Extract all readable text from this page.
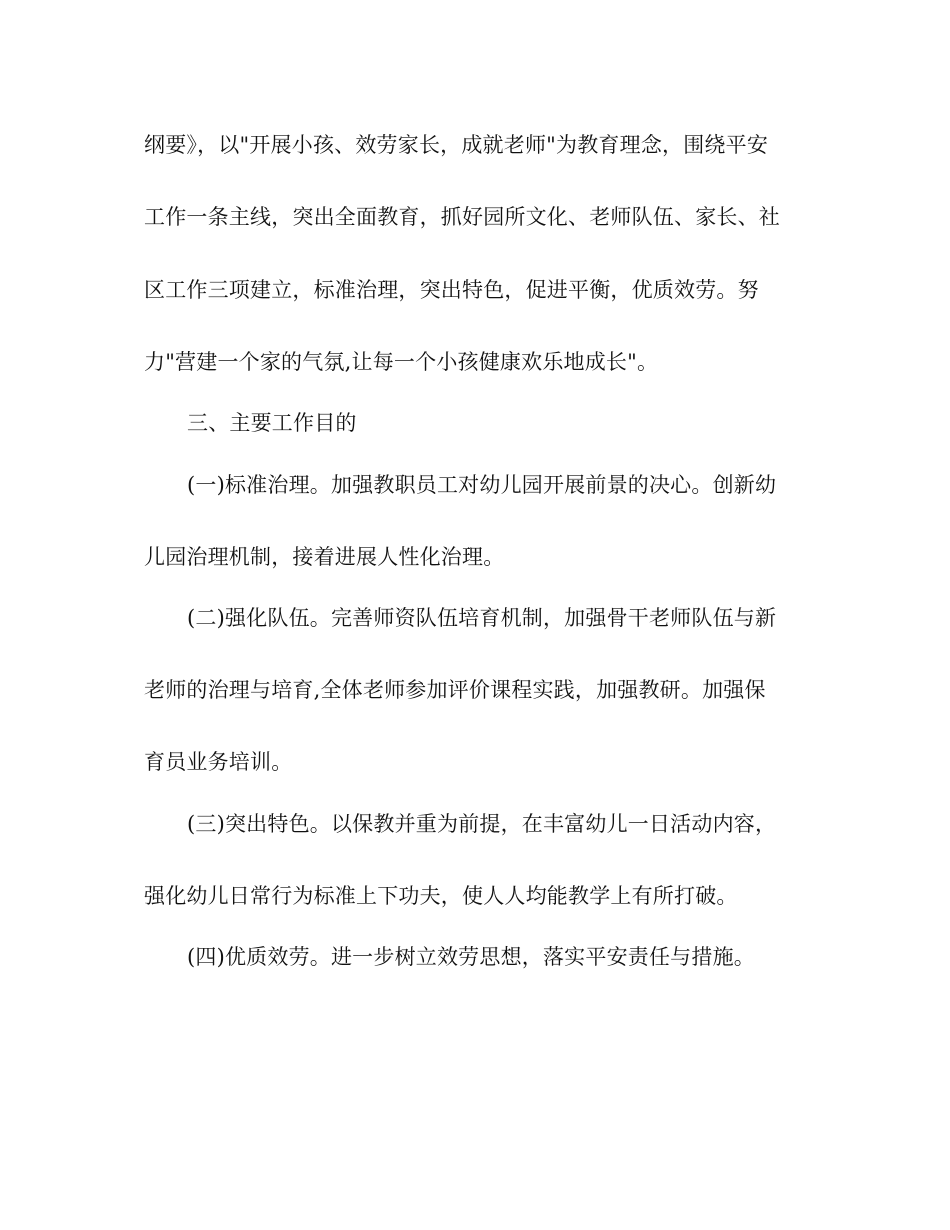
纲要》，以"开展小孩、效劳家长，成就老师"为教育理念，围绕平安
工作一条主线，突出全面教育，抓好园所文化、老师队伍、家长、社
区工作三项建立，标准治理，突出特色，促进平衡，优质效劳。努
力"营建一个家的气氛,让每一个小孩健康欢乐地成长"。
三、主要工作目的
(一)标准治理。加强教职员工对幼儿园开展前景的决心。创新幼
儿园治理机制，接着进展人性化治理。
(二)强化队伍。完善师资队伍培育机制，加强骨干老师队伍与新
老师的治理与培育,全体老师参加评价课程实践，加强教研。加强保
育员业务培训。
(三)突出特色。以保教并重为前提，在丰富幼儿一日活动内容，
强化幼儿日常行为标准上下功夫，使人人均能教学上有所打破。
(四)优质效劳。进一步树立效劳思想，落实平安责任与措施。
